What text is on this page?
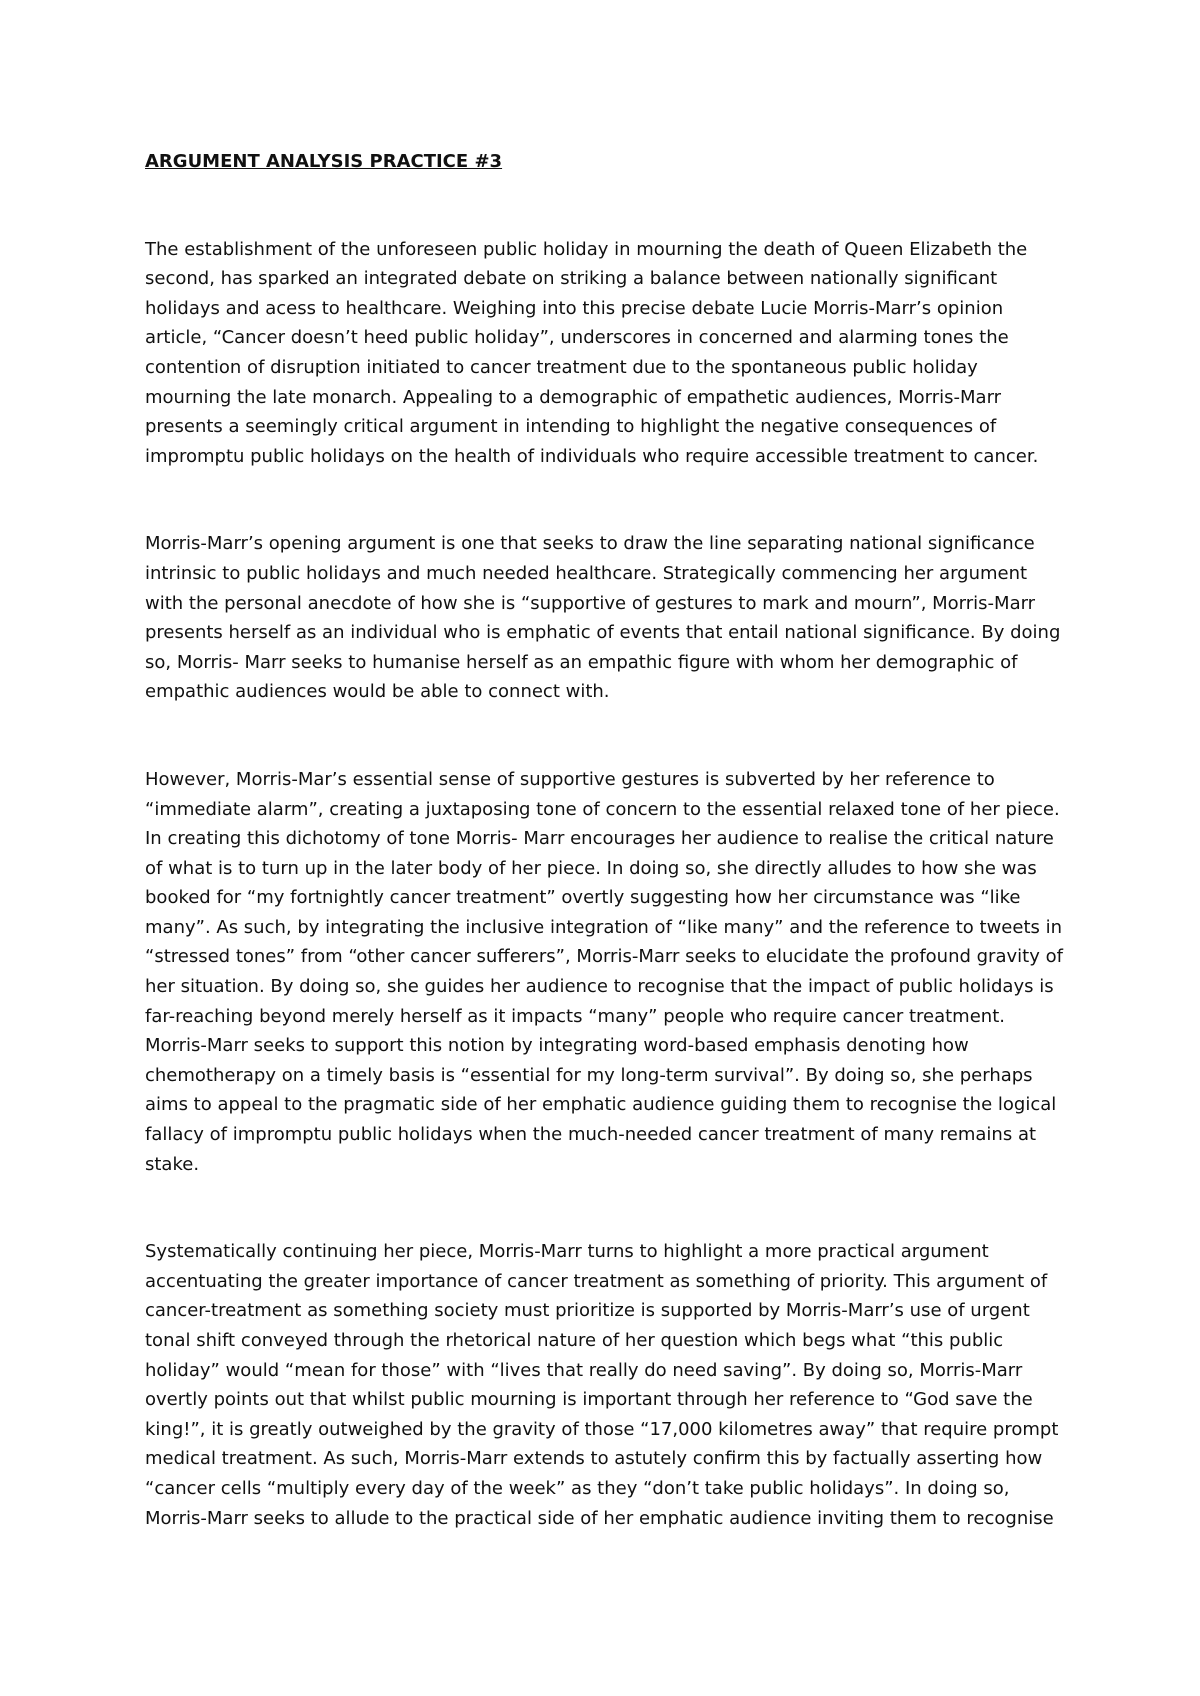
ARGUMENT ANALYSIS PRACTICE #3

The establishment of the unforeseen public holiday in mourning the death of Queen Elizabeth the second, has sparked an integrated debate on striking a balance between nationally significant holidays and acess to healthcare. Weighing into this precise debate Lucie Morris-Marr’s opinion article, “Cancer doesn’t heed public holiday”, underscores in concerned and alarming tones the contention of disruption initiated to cancer treatment due to the spontaneous public holiday mourning the late monarch. Appealing to a demographic of empathetic audiences, Morris-Marr presents a seemingly critical argument in intending to highlight the negative consequences of impromptu public holidays on the health of individuals who require accessible treatment to cancer.

Morris-Marr’s opening argument is one that seeks to draw the line separating national significance intrinsic to public holidays and much needed healthcare. Strategically commencing her argument with the personal anecdote of how she is “supportive of gestures to mark and mourn”, Morris-Marr presents herself as an individual who is emphatic of events that entail national significance. By doing so, Morris- Marr seeks to humanise herself as an empathic figure with whom her demographic of empathic audiences would be able to connect with.

However, Morris-Mar’s essential sense of supportive gestures is subverted by her reference to “immediate alarm”, creating a juxtaposing tone of concern to the essential relaxed tone of her piece. In creating this dichotomy of tone Morris- Marr encourages her audience to realise the critical nature of what is to turn up in the later body of her piece. In doing so, she directly alludes to how she was booked for “my fortnightly cancer treatment” overtly suggesting how her circumstance was “like many”. As such, by integrating the inclusive integration of “like many” and the reference to tweets in “stressed tones” from “other cancer sufferers”, Morris-Marr seeks to elucidate the profound gravity of her situation. By doing so, she guides her audience to recognise that the impact of public holidays is far-reaching beyond merely herself as it impacts “many” people who require cancer treatment. Morris-Marr seeks to support this notion by integrating word-based emphasis denoting how chemotherapy on a timely basis is “essential for my long-term survival”. By doing so, she perhaps aims to appeal to the pragmatic side of her emphatic audience guiding them to recognise the logical fallacy of impromptu public holidays when the much-needed cancer treatment of many remains at stake.

Systematically continuing her piece, Morris-Marr turns to highlight a more practical argument accentuating the greater importance of cancer treatment as something of priority. This argument of cancer-treatment as something society must prioritize is supported by Morris-Marr’s use of urgent tonal shift conveyed through the rhetorical nature of her question which begs what “this public holiday” would “mean for those” with “lives that really do need saving”. By doing so, Morris-Marr overtly points out that whilst public mourning is important through her reference to “God save the king!”, it is greatly outweighed by the gravity of those “17,000 kilometres away” that require prompt medical treatment. As such, Morris-Marr extends to astutely confirm this by factually asserting how “cancer cells “multiply every day of the week” as they “don’t take public holidays”. In doing so, Morris-Marr seeks to allude to the practical side of her emphatic audience inviting them to recognise
